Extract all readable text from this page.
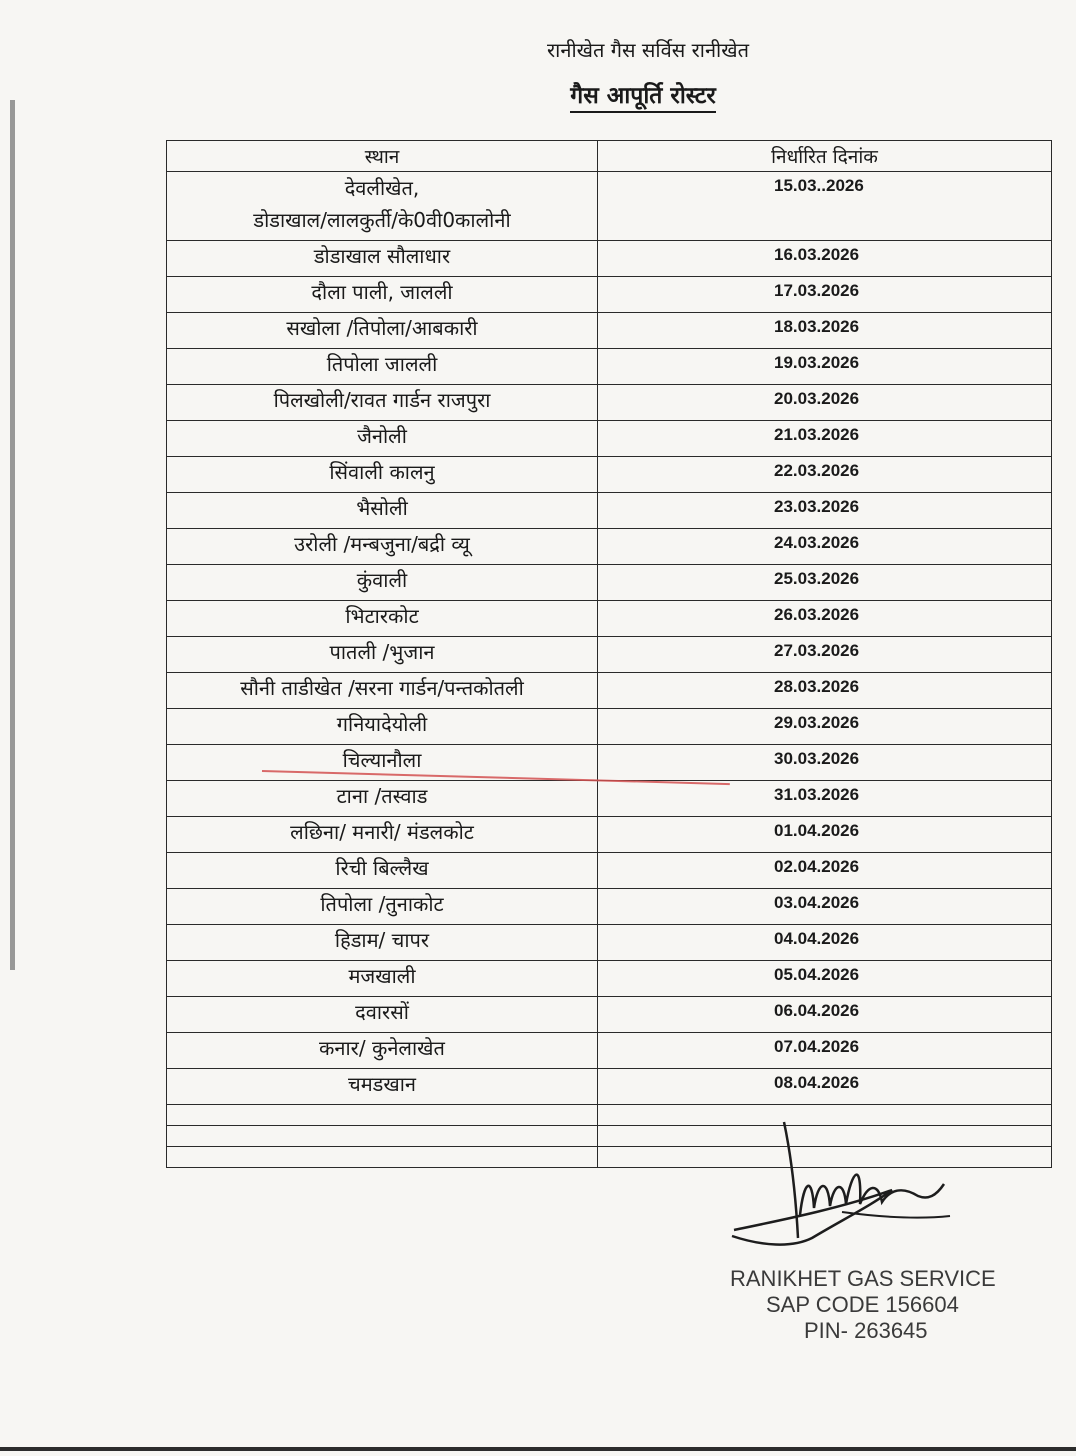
रानीखेत गैस सर्विस रानीखेत
गैस आपूर्ति रोस्टर
स्थान	निर्धारित दिनांक

देवलीखेत,
डोडाखाल/लालकुर्ती/के0वी0कालोनी	15.03..2026
डोडाखाल सौलाधार	16.03.2026
दौला पाली, जालली	17.03.2026
सखोला /तिपोला/आबकारी	18.03.2026
तिपोला जालली	19.03.2026
पिलखोली/रावत गार्डन राजपुरा	20.03.2026
जैनोली	21.03.2026
सिंवाली कालनु	22.03.2026
भैसोली	23.03.2026
उरोली /मन्बजुना/बद्री व्यू	24.03.2026
कुंवाली	25.03.2026
भिटारकोट	26.03.2026
पातली /भुजान	27.03.2026
सौनी ताडीखेत /सरना गार्डन/पन्तकोतली	28.03.2026
गनियादेयोली	29.03.2026
चिल्यानौला	30.03.2026
टाना /तस्वाड	31.03.2026
लछिना/ मनारी/ मंडलकोट	01.04.2026
रिची बिल्लैख	02.04.2026
तिपोला /तुनाकोट	03.04.2026
हिडाम/ चापर	04.04.2026
मजखाली	05.04.2026
दवारसों	06.04.2026
कनार/ कुनेलाखेत	07.04.2026
चमडखान	08.04.2026

RANIKHET GAS SERVICE
SAP CODE 156604
PIN- 263645
